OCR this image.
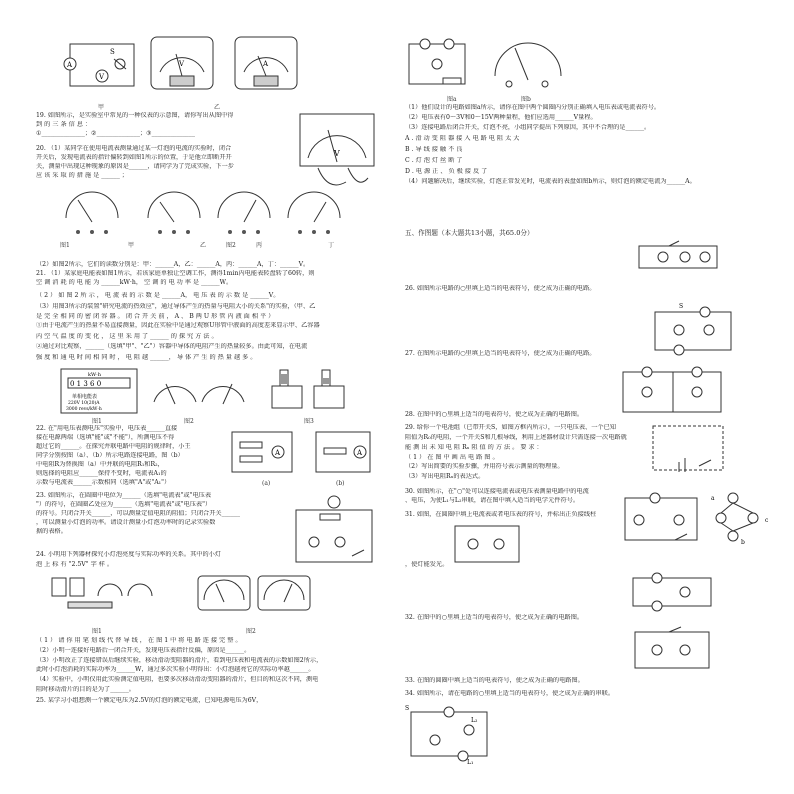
A
V
S
甲
V	A
乙
19. 如图所示，是实验室中常见的一种仪表的示意图，请你写出从图中得
到 的 三 条 信 息 ：
①______________；②______________；③______________
V
20. （1）某同学在使用电流表测量通过某一灯泡的电流的实验时，闭合
开关后，发现电流表的指针偏转到如图1所示的位置，于是他立即断开开
关，测量中出现这种现象的原因是______，请同学为了完成实验，下一步
应 该 采 取 的 措 施 是 ______ ；
图1	甲	乙	图2	丙	丁
（2）如图2所示，它们的读数分别是：甲：______A，乙：______A，丙：______A，丁：______V。
21. （1）某家庭电能表如图1所示，若该家庭单独让空调工作，测得1min内电能表转盘转了60转，则
空 调 消 耗 的 电 能 为 ______kW·h， 空 调 的 电 功 率 是 ______W。
（ 2 ） 如 图 2 所 示 ， 电 流 表 的 示 数 是 ______A， 电 压 表 的 示 数 是 ______V。
（3）用图3所示的装置"研究电流的热效应"，通过导体产生的热量与电阻大小的关系"的实验，（甲、乙
是 完 全 相 同 的 密 闭 容 器 。 闭 合 开 关 前 ， A 、 B 两 U 形 管 内 液 面 相 平 ）
①由于电流产生的热量不易直接测量，因此在实验中是通过观察U形管中液面的高度差来显示甲、乙容器
内 空 气 温 度 的 变 化 ， 这 里 采 用 了 ______ 的 探 究 方 法 。
②通过对比观察，______（选填"甲"、"乙"）容器中导体的电阻产生的热量较多。由此可知，在电流
强 度 和 通 电 时 间 相 同 时 ， 电 阻 越 ______， 导 体 产 生 的 热 量 越 多 。
kW·h
0 1 3 6 0
单相电能表
220V 10(20)A
3000 revs/kW·h
图1	图2	图3
22. 在"用电压表测电压"实验中，电压表______直接
接在电源两端（选填"能"或"不能"），所测电压不得
超过它的______。在探究并联电路中电阻的规律时，小王
同学分别按图（a）、（b）所示电路连接电路，图（b）
中电阻R为替换图（a）中并联的电阻R₁和R₂，
则选择的电阻应______保持不变时，电流表A₁的
示数与电流表______示数相同（选填"A"或"A₁"）
A	A
(a)	(b)
23. 如图所示，在圆圈中电位为______（选填"电流表"或"电压表
"）的符号，在圆圈乙处应为______（选填"电流表"或"电压表"）
的符号。只闭合开关______，可以测量定值电阻的阻值；只闭合开关______
，可以测量小灯泡的功率。请设计测量小灯泡功率时的记录实验数
据的表格。
24. 小明用下列器材探究小灯泡亮度与实际功率的关系。其中的小灯
泡 上 标 有 "2.5V" 字 样 。
图1	图2
（ 1 ） 请 你 用 笔 划 线 代 替 导 线 ， 在 图 1 中 将 电 路 连 接 完 整 。
（2）小明一连接好电路后一闭合开关，发现电压表指针反偏，原因是______。
（3）小明改正了连接错误后继续实验，移动滑动变阻器的滑片，看到电压表和电流表的示数如图2所示，
此时小灯泡消耗的实际功率为______W，通过多次实验小明得出：小灯泡越亮它的实际功率越______。
（4）实验中，小明仅用此实验测定值电阻，也要多次移动滑动变阻器的滑片，但目的和这次不同，测电
阻时移动滑片的目的是为了______。
25. 某学习小组想测一个额定电压为2.5V的灯泡的额定电流，已知电源电压为6V，
图a	图b
（1）他们设计的电路如图a所示，请你在图中两个圆圈内分别正确填入电压表或电流表符号。
（2）电压表有0～3V和0～15V两种量程，他们应选用______V量程。
（3）连接电路后闭合开关，灯泡不亮，小组同学提出下列原因，其中不合理的是______。
A . 滑 动 变 阻 器 接 入 电 路 电 阻 太 大
B . 导 线 接 触 不 良
C . 灯 泡 灯 丝 断 了
D . 电 源 正 、 负 极 接 反 了
（4）问题解决后，继续实验，灯泡正常发光时，电流表的表盘如图b所示，则灯泡的额定电流为______A。
五、作图题（本大题共13小题，共65.0分）
26. 如图所示电路的○里填上适当的电表符号，使之成为正确的电路。
S
27. 在图所示电路的○里填上适当的电表符号，使之成为正确的电路。
28. 在图中的○里填上适当的电表符号，使之成为正确的电路图。
29. 给你一个电池组（已带开关S，如图方框内所示），一只电压表、一个已知
阻值为R₀的电阻，一个开关S和几根导线，利用上述器材设计只需连接一次电路就
能 测 出 未 知 电 阻 Rₓ 阻 值 的 方 法 。 要 求 ：
（ 1 ） 在 图 中 画 出 电 路 图 。
（2）写出简要的实验步骤，并用符号表示测量的物理量。
（3）写出电阻Rₓ的表达式。
30. 如图所示，在"○"处可以连接电流表或电压表测量电路中的电流
、电压，为使L₁与L₂串联，请在图中填入适当的电学元件符号。	a
b
c
31. 如图，在圆圈中填上电流表或者电压表的符号，并标出正负接线柱
，使灯能发光。
32. 在图中的○里填上适当的电表符号，使之成为正确的电路图。
33. 在图的圆圈中填上适当的电表符号，使之成为正确的电路图。
34. 如图所示，请在电路的○里填上适当的电表符号，使之成为正确的串联。
S
L₂
L₁
